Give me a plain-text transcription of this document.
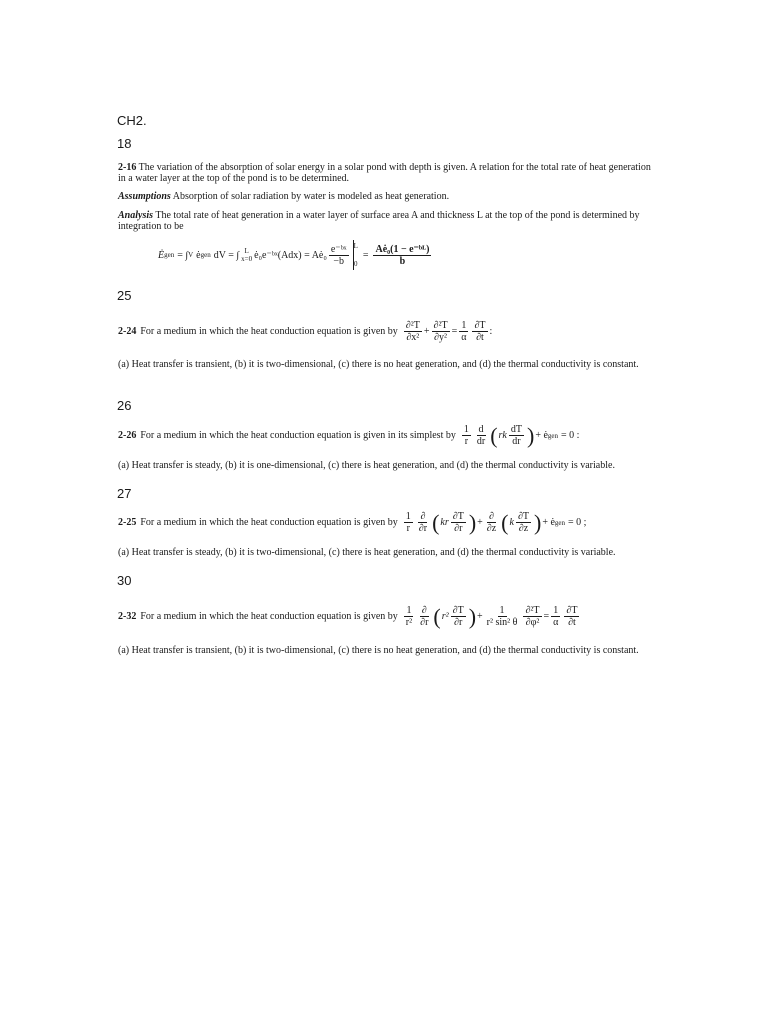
CH2.
18
2-16 The variation of the absorption of solar energy in a solar pond with depth is given. A relation for the total rate of heat generation in a water layer at the top of the pond is to be determined.
Assumptions Absorption of solar radiation by water is modeled as heat generation.
Analysis The total rate of heat generation in a water layer of surface area A and thickness L at the top of the pond is determined by integration to be
Ė gen = ∫ V ė gen dV = ∫ L
x=0 ė₀e⁻ᵇˣ(Adx) = Aė₀ $\frac{\text{e⁻ᵇˣ}}{-b}$ L
0
= $\frac{\text{Aė₀(1 − e⁻ᵇᴸ)}}{b}$
25
2-24 For a medium in which the heat conduction equation is given by $\frac{\text{∂²T}}{\text{∂x²}} + \frac{\text{∂²T}}{\text{∂y²}} = \frac{1}{\alpha} \frac{\partial T}{\partial t}$ :
(a) Heat transfer is transient, (b) it is two-dimensional, (c) there is no heat generation, and (d) the thermal conductivity is constant.
26
2-26 For a medium in which the heat conduction equation is given in its simplest by $\frac{1}{r} \frac{d}{dr}$ ( rk $\frac{dT}{dr}$ ) + ė gen = 0 :
(a) Heat transfer is steady, (b) it is one-dimensional, (c) there is heat generation, and (d) the thermal conductivity is variable.
27
2-25 For a medium in which the heat conduction equation is given by $\frac{1}{r} \frac{\partial}{\partial r}$ ( kr $\frac{\partial T}{\partial r}$ ) + $\frac{\partial}{\partial z}$ ( k $\frac{\partial T}{\partial z}$ ) + ė gen = 0 ;
(a) Heat transfer is steady, (b) it is two-dimensional, (c) there is heat generation, and (d) the thermal conductivity is variable.
30
2-32 For a medium in which the heat conduction equation is given by $\frac{1}{\text{r²}} \frac{\partial}{\partial r}$ ( $r^2 \frac{\partial T}{\partial r}$ ) + $\frac{1}{\text{r² sin² θ}} \frac{\text{∂²T}}{\text{∂φ²}} = \frac{1}{\alpha} \frac{\partial T}{\partial t}$
(a) Heat transfer is transient, (b) it is two-dimensional, (c) there is no heat generation, and (d) the thermal conductivity is constant.
